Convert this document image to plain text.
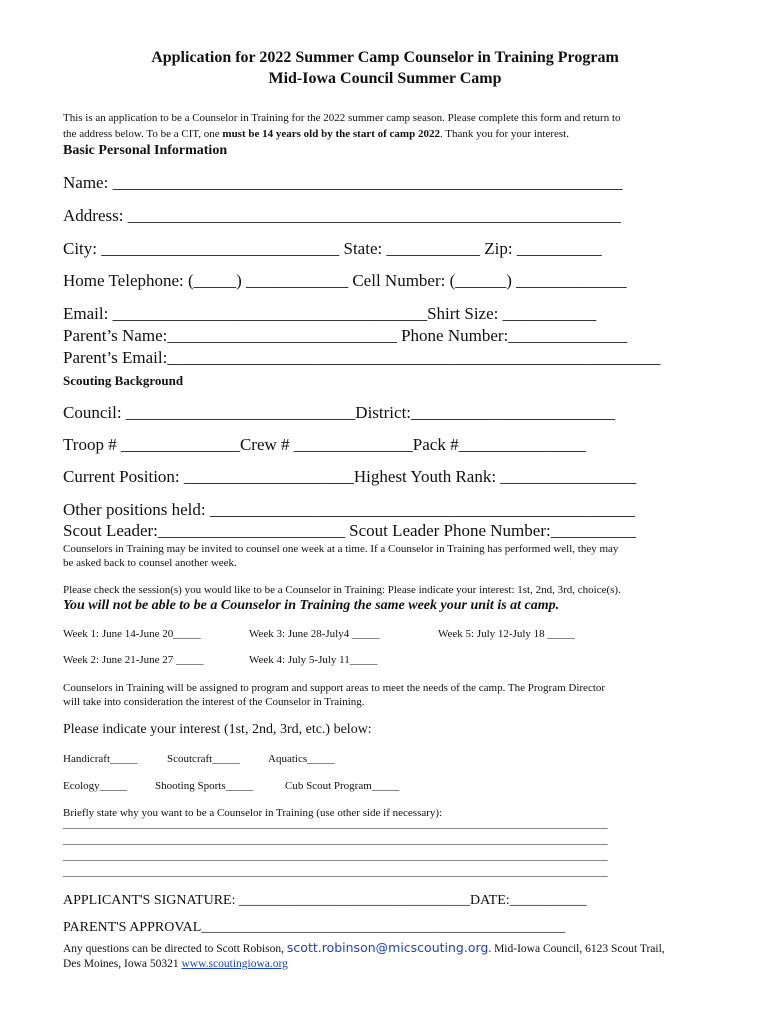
Application for 2022 Summer Camp Counselor in Training Program
Mid-Iowa Council Summer Camp
This is an application to be a Counselor in Training for the 2022 summer camp season. Please complete this form and return to
the address below. To be a CIT, one must be 14 years old by the start of camp 2022. Thank you for your interest.
Basic Personal Information
Name: ____________________________________________________________
Address: __________________________________________________________
City: ____________________________ State: ___________ Zip: __________
Home Telephone: (_____) ____________ Cell Number: (______) _____________
Email: _____________________________________Shirt Size: ___________
Parent’s Name:___________________________ Phone Number:______________
Parent’s Email:__________________________________________________________
Scouting Background
Council: ___________________________District:________________________
Troop # ______________Crew # ______________Pack #_______________
Current Position: ____________________Highest Youth Rank: ________________
Other positions held: __________________________________________________
Scout Leader:______________________ Scout Leader Phone Number:__________
Counselors in Training may be invited to counsel one week at a time. If a Counselor in Training has performed well, they may
be asked back to counsel another week.
Please check the session(s) you would like to be a Counselor in Training: Please indicate your interest: 1st, 2nd, 3rd, choice(s).
You will not be able to be a Counselor in Training the same week your unit is at camp.
Week 1: June 14-June 20_____	Week 3: June 28-July4 _____	Week 5: July 12-July 18 _____
Week 2: June 21-June 27 _____	Week 4: July 5-July 11_____
Counselors in Training will be assigned to program and support areas to meet the needs of the camp. The Program Director
will take into consideration the interest of the Counselor in Training.
Please indicate your interest (1st, 2nd, 3rd, etc.) below:
Handicraft_____	Scoutcraft_____	Aquatics_____
Ecology_____	Shooting Sports_____	Cub Scout Program_____
Briefly state why you want to be a Counselor in Training (use other side if necessary):
___________________________________________________________________________________________________
___________________________________________________________________________________________________
___________________________________________________________________________________________________
___________________________________________________________________________________________________
APPLICANT'S SIGNATURE: _________________________________DATE:___________
PARENT'S APPROVAL____________________________________________________
Any questions can be directed to Scott Robison, scott.robinson@micscouting.org. Mid-Iowa Council, 6123 Scout Trail,
Des Moines, Iowa 50321 www.scoutingiowa.org
